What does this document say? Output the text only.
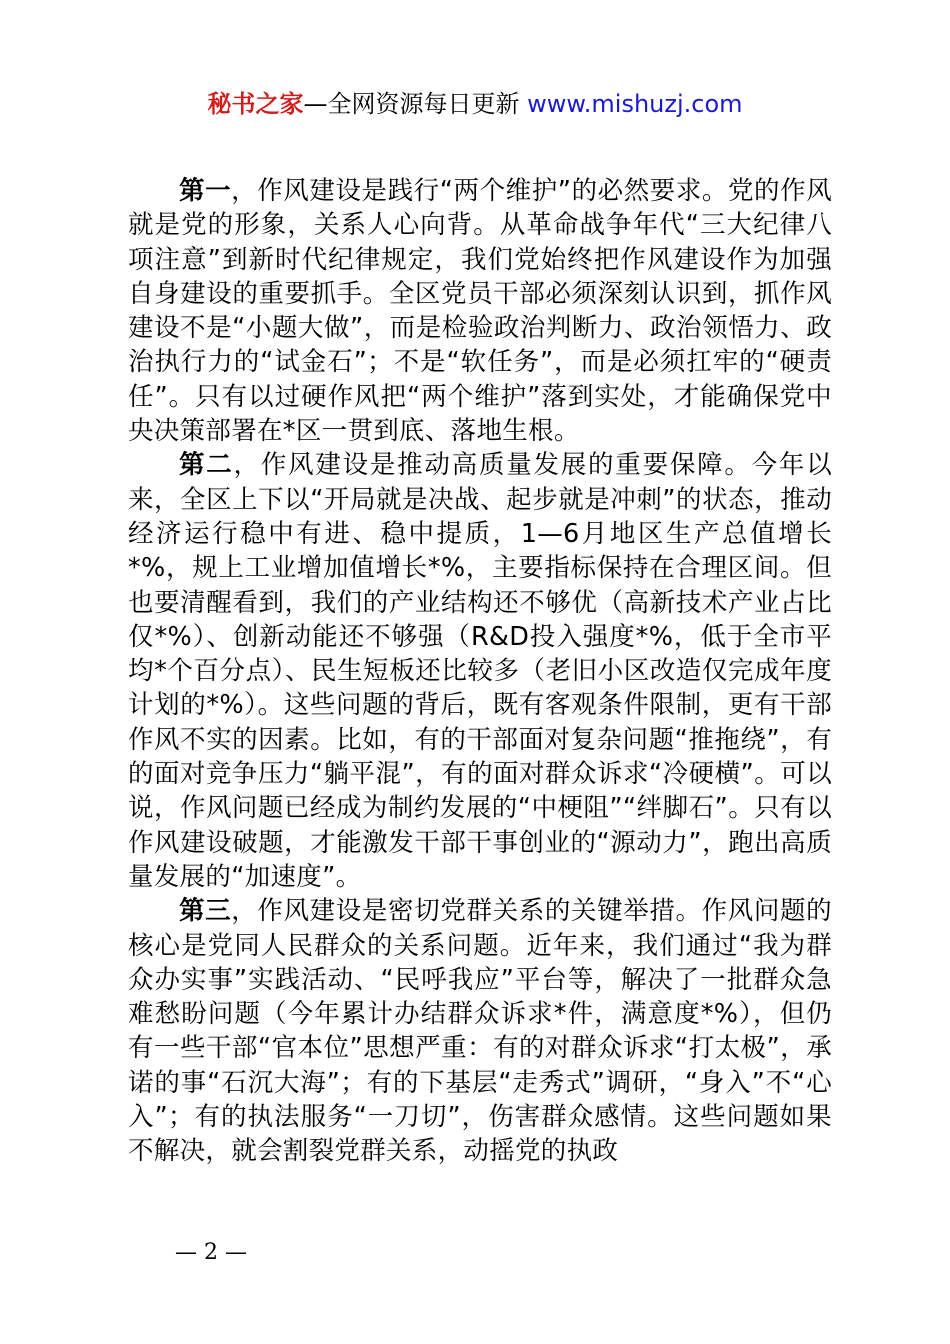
秘书之家—全网资源每日更新 www.mishuzj.com

第一，作风建设是践行“两个维护”的必然要求。党的作风就是党的形象，关系人心向背。从革命战争年代“三大纪律八项注意”到新时代纪律规定，我们党始终把作风建设作为加强自身建设的重要抓手。全区党员干部必须深刻认识到，抓作风建设不是“小题大做”，而是检验政治判断力、政治领悟力、政治执行力的“试金石”；不是“软任务”，而是必须扛牢的“硬责任”。只有以过硬作风把“两个维护”落到实处，才能确保党中央决策部署在*区一贯到底、落地生根。

第二，作风建设是推动高质量发展的重要保障。今年以来，全区上下以“开局就是决战、起步就是冲刺”的状态，推动经济运行稳中有进、稳中提质，1—6月地区生产总值增长*%，规上工业增加值增长*%，主要指标保持在合理区间。但也要清醒看到，我们的产业结构还不够优（高新技术产业占比仅*%）、创新动能还不够强（R&D投入强度*%，低于全市平均*个百分点）、民生短板还比较多（老旧小区改造仅完成年度计划的*%）。这些问题的背后，既有客观条件限制，更有干部作风不实的因素。比如，有的干部面对复杂问题“推拖绕”，有的面对竞争压力“躺平混”，有的面对群众诉求“冷硬横”。可以说，作风问题已经成为制约发展的“中梗阻”“绊脚石”。只有以作风建设破题，才能激发干部干事创业的“源动力”，跑出高质量发展的“加速度”。

第三，作风建设是密切党群关系的关键举措。作风问题的核心是党同人民群众的关系问题。近年来，我们通过“我为群众办实事”实践活动、“民呼我应”平台等，解决了一批群众急难愁盼问题（今年累计办结群众诉求*件，满意度*%），但仍有一些干部“官本位”思想严重：有的对群众诉求“打太极”，承诺的事“石沉大海”；有的下基层“走秀式”调研，“身入”不“心入”；有的执法服务“一刀切”，伤害群众感情。这些问题如果不解决，就会割裂党群关系，动摇党的执政

— 2 —
